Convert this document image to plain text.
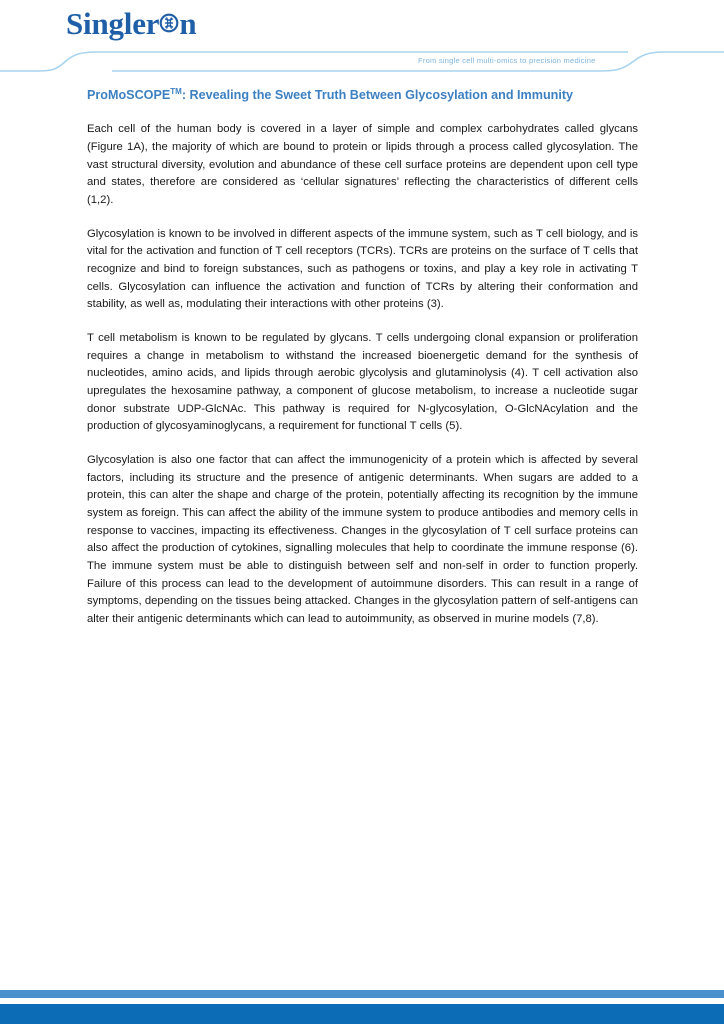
Singler n
From single cell multi-omics to precision medicine
ProMoSCOPE™: Revealing the Sweet Truth Between Glycosylation and Immunity

Each cell of the human body is covered in a layer of simple and complex carbohydrates called glycans (Figure 1A), the majority of which are bound to protein or lipids through a process called glycosylation. The vast structural diversity, evolution and abundance of these cell surface proteins are dependent upon cell type and states, therefore are considered as ‘cellular signatures’ reflecting the characteristics of different cells (1,2).

Glycosylation is known to be involved in different aspects of the immune system, such as T cell biology, and is vital for the activation and function of T cell receptors (TCRs). TCRs are proteins on the surface of T cells that recognize and bind to foreign substances, such as pathogens or toxins, and play a key role in activating T cells. Glycosylation can influence the activation and function of TCRs by altering their conformation and stability, as well as, modulating their interactions with other proteins (3).

T cell metabolism is known to be regulated by glycans. T cells undergoing clonal expansion or proliferation requires a change in metabolism to withstand the increased bioenergetic demand for the synthesis of nucleotides, amino acids, and lipids through aerobic glycolysis and glutaminolysis (4). T cell activation also upregulates the hexosamine pathway, a component of glucose metabolism, to increase a nucleotide sugar donor substrate UDP-GlcNAc. This pathway is required for N-glycosylation, O-GlcNAcylation and the production of glycosyaminoglycans, a requirement for functional T cells (5).

Glycosylation is also one factor that can affect the immunogenicity of a protein which is affected by several factors, including its structure and the presence of antigenic determinants. When sugars are added to a protein, this can alter the shape and charge of the protein, potentially affecting its recognition by the immune system as foreign. This can affect the ability of the immune system to produce antibodies and memory cells in response to vaccines, impacting its effectiveness. Changes in the glycosylation of T cell surface proteins can also affect the production of cytokines, signalling molecules that help to coordinate the immune response (6). The immune system must be able to distinguish between self and non-self in order to function properly. Failure of this process can lead to the development of autoimmune disorders. This can result in a range of symptoms, depending on the tissues being attacked. Changes in the glycosylation pattern of self-antigens can alter their antigenic determinants which can lead to autoimmunity, as observed in murine models (7,8).
